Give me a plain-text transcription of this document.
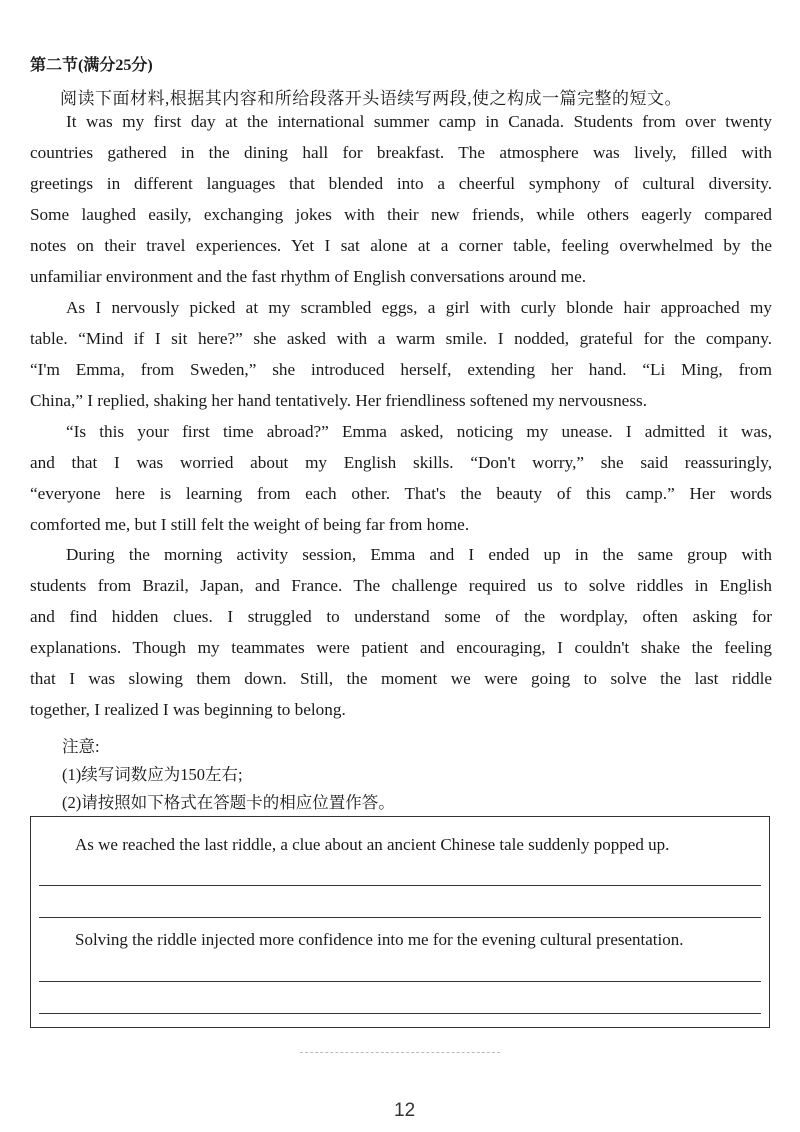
第二节(满分25分)
阅读下面材料,根据其内容和所给段落开头语续写两段,使之构成一篇完整的短文。
It was my first day at the international summer camp in Canada. Students from over twenty
countries gathered in the dining hall for breakfast. The atmosphere was lively, filled with
greetings in different languages that blended into a cheerful symphony of cultural diversity.
Some laughed easily, exchanging jokes with their new friends, while others eagerly compared
notes on their travel experiences. Yet I sat alone at a corner table, feeling overwhelmed by the
unfamiliar environment and the fast rhythm of English conversations around me.
As I nervously picked at my scrambled eggs, a girl with curly blonde hair approached my
table. “Mind if I sit here?” she asked with a warm smile. I nodded, grateful for the company.
“I'm Emma, from Sweden,” she introduced herself, extending her hand. “Li Ming, from
China,” I replied, shaking her hand tentatively. Her friendliness softened my nervousness.
“Is this your first time abroad?” Emma asked, noticing my unease. I admitted it was,
and that I was worried about my English skills. “Don't worry,” she said reassuringly,
“everyone here is learning from each other. That's the beauty of this camp.” Her words
comforted me, but I still felt the weight of being far from home.
During the morning activity session, Emma and I ended up in the same group with
students from Brazil, Japan, and France. The challenge required us to solve riddles in English
and find hidden clues. I struggled to understand some of the wordplay, often asking for
explanations. Though my teammates were patient and encouraging, I couldn't shake the feeling
that I was slowing them down. Still, the moment we were going to solve the last riddle
together, I realized I was beginning to belong.
注意:
(1)续写词数应为150左右;
(2)请按照如下格式在答题卡的相应位置作答。
As we reached the last riddle, a clue about an ancient Chinese tale suddenly popped up.
Solving the riddle injected more confidence into me for the evening cultural presentation.
12
